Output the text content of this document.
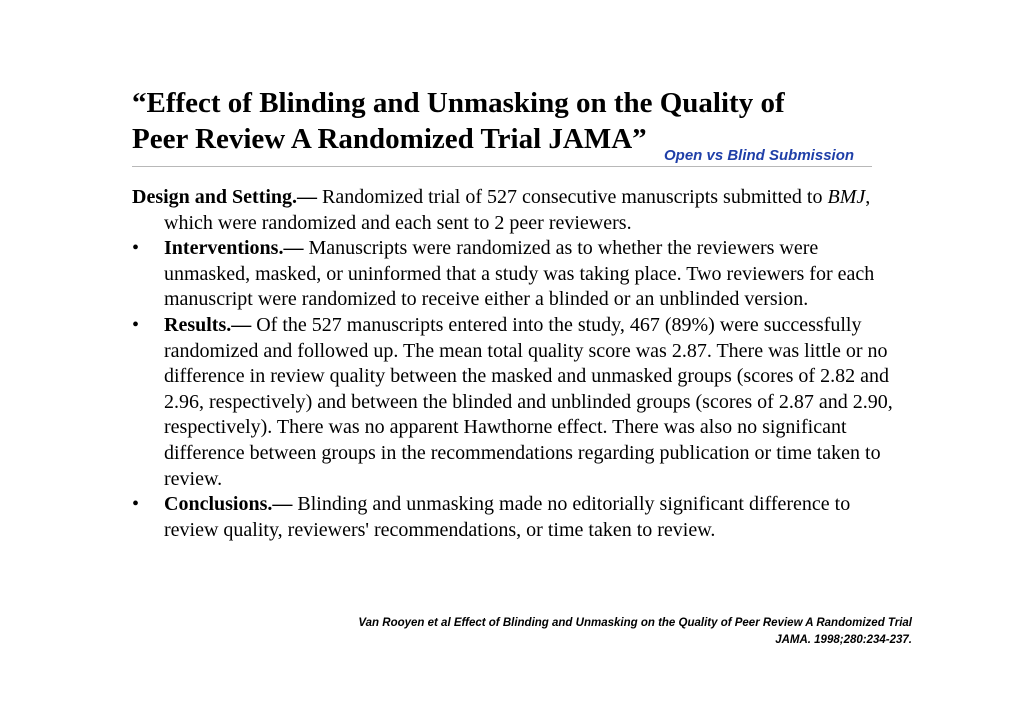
“Effect of Blinding and Unmasking on the Quality of
Peer Review A Randomized Trial JAMA”
Open vs Blind Submission

Design and Setting.— Randomized trial of 527 consecutive manuscripts submitted to BMJ, which were randomized and each sent to 2 peer reviewers.

• Interventions.— Manuscripts were randomized as to whether the reviewers were unmasked, masked, or uninformed that a study was taking place. Two reviewers for each manuscript were randomized to receive either a blinded or an unblinded version.

• Results.— Of the 527 manuscripts entered into the study, 467 (89%) were successfully randomized and followed up. The mean total quality score was 2.87. There was little or no difference in review quality between the masked and unmasked groups (scores of 2.82 and 2.96, respectively) and between the blinded and unblinded groups (scores of 2.87 and 2.90, respectively). There was no apparent Hawthorne effect. There was also no significant difference between groups in the recommendations regarding publication or time taken to review.

• Conclusions.— Blinding and unmasking made no editorially significant difference to review quality, reviewers' recommendations, or time taken to review.

Van Rooyen et al Effect of Blinding and Unmasking on the Quality of Peer Review A Randomized Trial
JAMA. 1998;280:234-237.
